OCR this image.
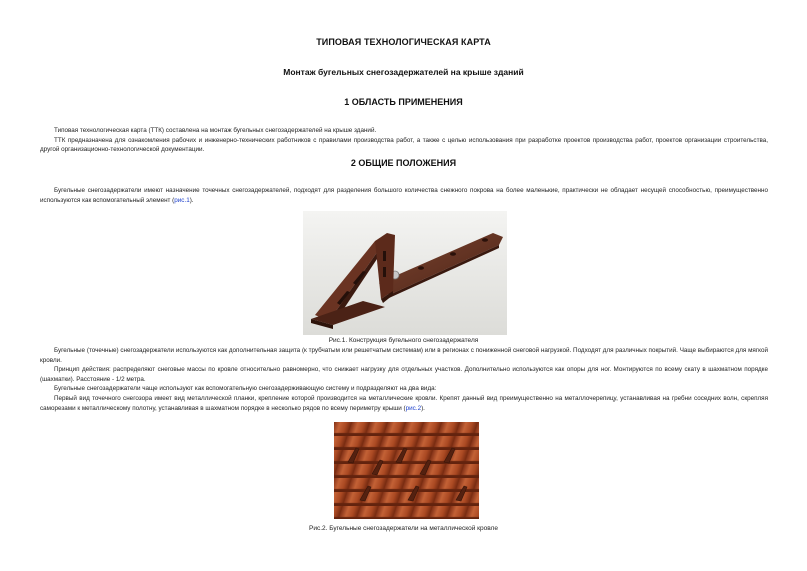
ТИПОВАЯ ТЕХНОЛОГИЧЕСКАЯ КАРТА
Монтаж бугельных снегозадержателей на крыше зданий
1 ОБЛАСТЬ ПРИМЕНЕНИЯ

Типовая технологическая карта (ТТК) составлена на монтаж бугельных снегозадержателей на крыше зданий.

ТТК предназначена для ознакомления рабочих и инженерно-технических работников с правилами производства работ, а также с целью использования при разработке проектов производства работ, проектов организации строительства, другой организационно-технологической документации.

2 ОБЩИЕ ПОЛОЖЕНИЯ

Бугельные снегозадержатели имеют назначение точечных снегозадержателей, подходят для разделения большого количества снежного покрова на более маленькие, практически не обладает несущей способностью, преимущественно используются как вспомогательный элемент (рис.1).

Рис.1. Конструкция бугельного снегозадержателя

Бугельные (точечные) снегозадержатели используются как дополнительная защита (к трубчатым или решетчатым системам) или в регионах с пониженной снеговой нагрузкой. Подходят для различных покрытий. Чаще выбираются для мягкой кровли.

Принцип действия: распределяют снеговые массы по кровле относительно равномерно, что снижает нагрузку для отдельных участков. Дополнительно используются как опоры для ног. Монтируются по всему скату в шахматном порядке (шахматки). Расстояние - 1/2 метра.

Бугельные снегозадержатели чаще используют как вспомогательную снегозадерживающую систему и подразделяют на два вида:

Первый вид точечного снегозора имеет вид металлической планки, крепление которой производится на металлические кровли. Крепят данный вид преимущественно на металлочерепицу, устанавливая на гребни соседних волн, скрепляя саморезами к металлическому полотну, устанавливая в шахматном порядке в несколько рядов по всему периметру крыши (рис.2).

Рис.2. Бугельные снегозадержатели на металлической кровле
